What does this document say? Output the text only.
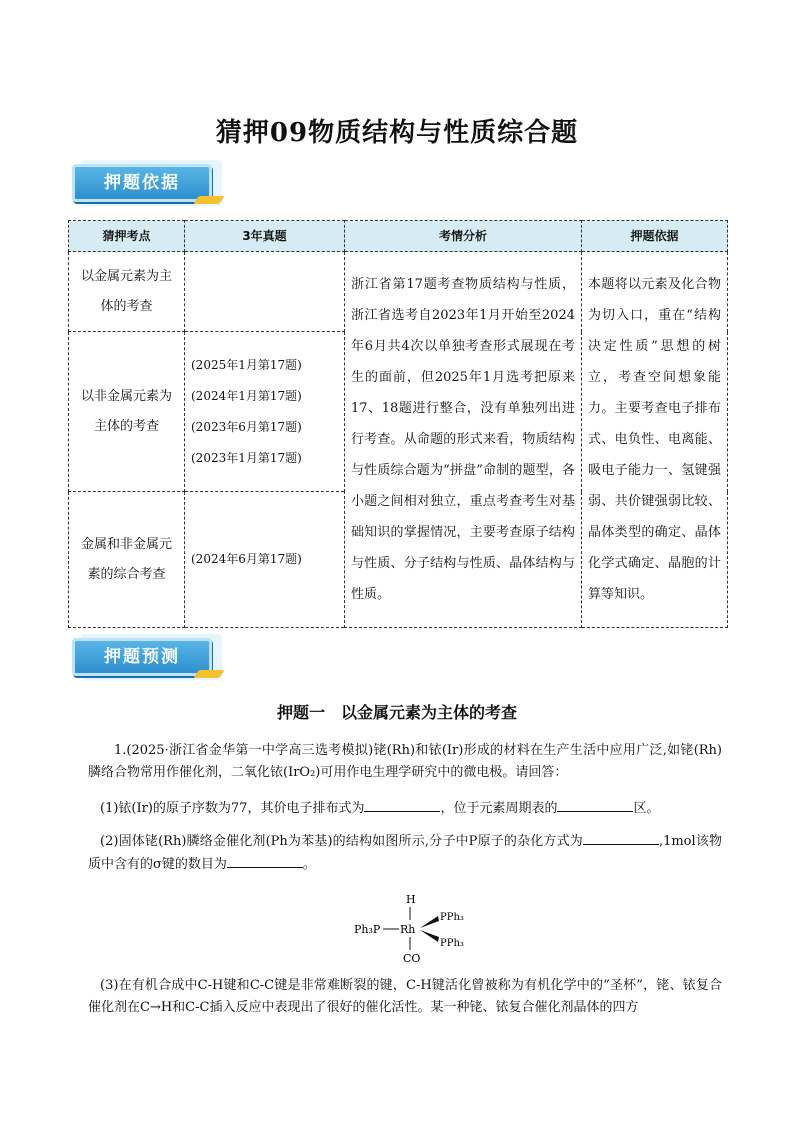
猜押09物质结构与性质综合题
押题依据
猜押考点	3年真题	考情分析	押题依据
以金属元素为主体的考查		浙江省第17题考查物质结构与性质，浙江省选考自2023年1月开始至2024年6月共4次以单独考查形式展现在考生的面前，但2025年1月选考把原来17、18题进行整合，没有单独列出进行考查。从命题的形式来看，物质结构与性质综合题为“拼盘”命制的题型，各小题之间相对独立，重点考查考生对基础知识的掌握情况，主要考查原子结构与性质、分子结构与性质、晶体结构与性质。	本题将以元素及化合物为切入口，重在“结构决定性质”思想的树立，考查空间想象能力。主要考查电子排布式、电负性、电离能、吸电子能力一、氢键强弱、共价键强弱比较、晶体类型的确定、晶体化学式确定、晶胞的计算等知识。
以非金属元素为主体的考查	(2025年1月第17题)
(2024年1月第17题)
(2023年6月第17题)
(2023年1月第17题)		

金属和非金属元素的综合考查	(2024年6月第17题)		
押题预测
押题一　以金属元素为主体的考查
1.(2025·浙江省金华第一中学高三选考模拟)铑(Rh)和铱(Ir)形成的材料在生产生活中应用广泛,如铑(Rh)膦络合物常用作催化剂，二氧化铱(IrO₂)可用作电生理学研究中的微电极。请回答：
(1)铱(Ir)的原子序数为77，其价电子排布式为	，位于元素周期表的	区。
(2)固体铑(Rh)膦络金催化剂(Ph为苯基)的结构如图所示,分子中P原子的杂化方式为	,1mol该物质中含有的σ键的数目为	。
H
Ph₃P Rh
PPh₃
PPh₃
CO
(3)在有机合成中C-H键和C-C键是非常难断裂的键，C-H键活化曾被称为有机化学中的“圣杯”，铑、铱复合催化剂在C→H和C-C插入反应中表现出了很好的催化活性。某一种铑、铱复合催化剂晶体的四方
